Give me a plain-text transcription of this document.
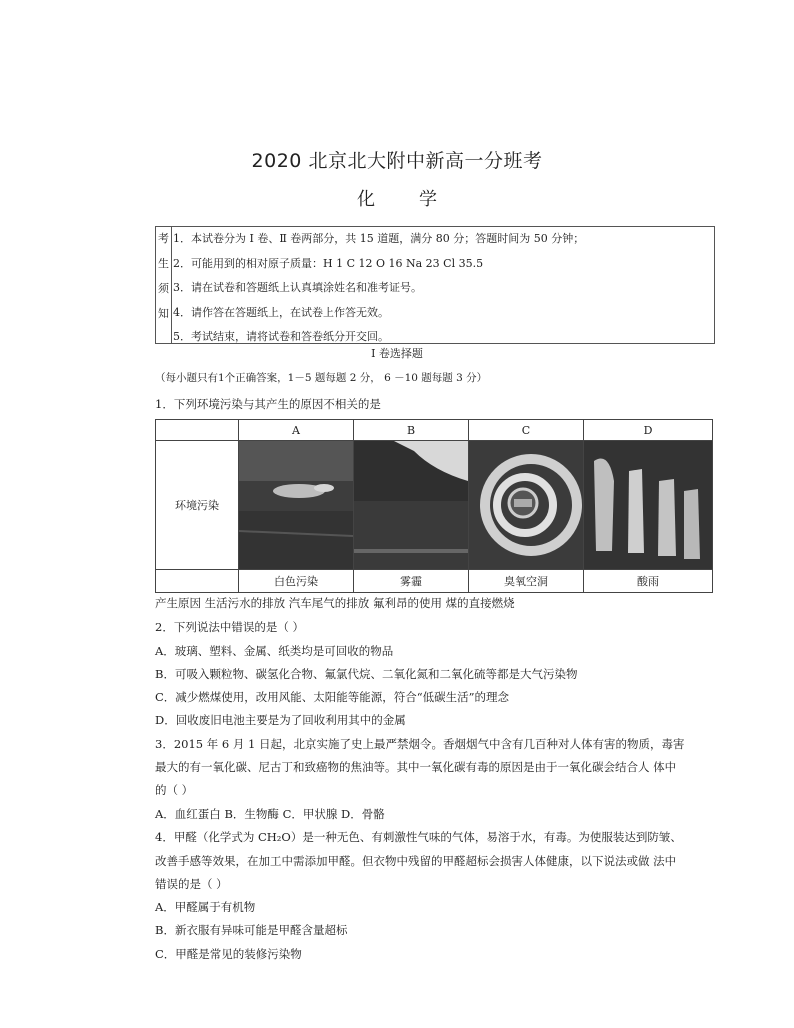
2020 北京北大附中新高一分班考
化 学
考
生
须
知
1．本试卷分为 Ⅰ 卷、Ⅱ 卷两部分，共 15 道题，满分 80 分；答题时间为 50 分钟；
2．可能用到的相对原子质量：H 1 C 12 O 16 Na 23 Cl 35.5
3．请在试卷和答题纸上认真填涂姓名和准考证号。
4．请作答在答题纸上，在试卷上作答无效。
5．考试结束，请将试卷和答卷纸分开交回。
Ⅰ 卷选择题
（每小题只有1个正确答案，1－5 题每题 2 分， 6 －10 题每题 3 分）
1．下列环境污染与其产生的原因不相关的是
	A	B	C	D
环境污染	

	白色污染	雾霾	臭氧空洞	酸雨
产生原因 生活污水的排放 汽车尾气的排放 氟利昂的使用 煤的直接燃烧
2．下列说法中错误的是（ ）
A．玻璃、塑料、金属、纸类均是可回收的物品
B．可吸入颗粒物、碳氢化合物、氟氯代烷、二氧化氮和二氧化硫等都是大气污染物
C．减少燃煤使用，改用风能、太阳能等能源，符合“低碳生活”的理念
D．回收废旧电池主要是为了回收利用其中的金属
3．2015 年 6 月 1 日起，北京实施了史上最严禁烟令。香烟烟气中含有几百种对人体有害的物质，毒害
最大的有一氧化碳、尼古丁和致癌物的焦油等。其中一氧化碳有毒的原因是由于一氧化碳会结合人 体中
的（ ）
A．血红蛋白 B．生物酶 C．甲状腺 D．骨骼
4．甲醛（化学式为 CH₂O）是一种无色、有刺激性气味的气体，易溶于水，有毒。为使服装达到防皱、
改善手感等效果，在加工中需添加甲醛。但衣物中残留的甲醛超标会损害人体健康，以下说法或做 法中
错误的是（ ）
A．甲醛属于有机物
B．新衣服有异味可能是甲醛含量超标
C．甲醛是常见的装修污染物
